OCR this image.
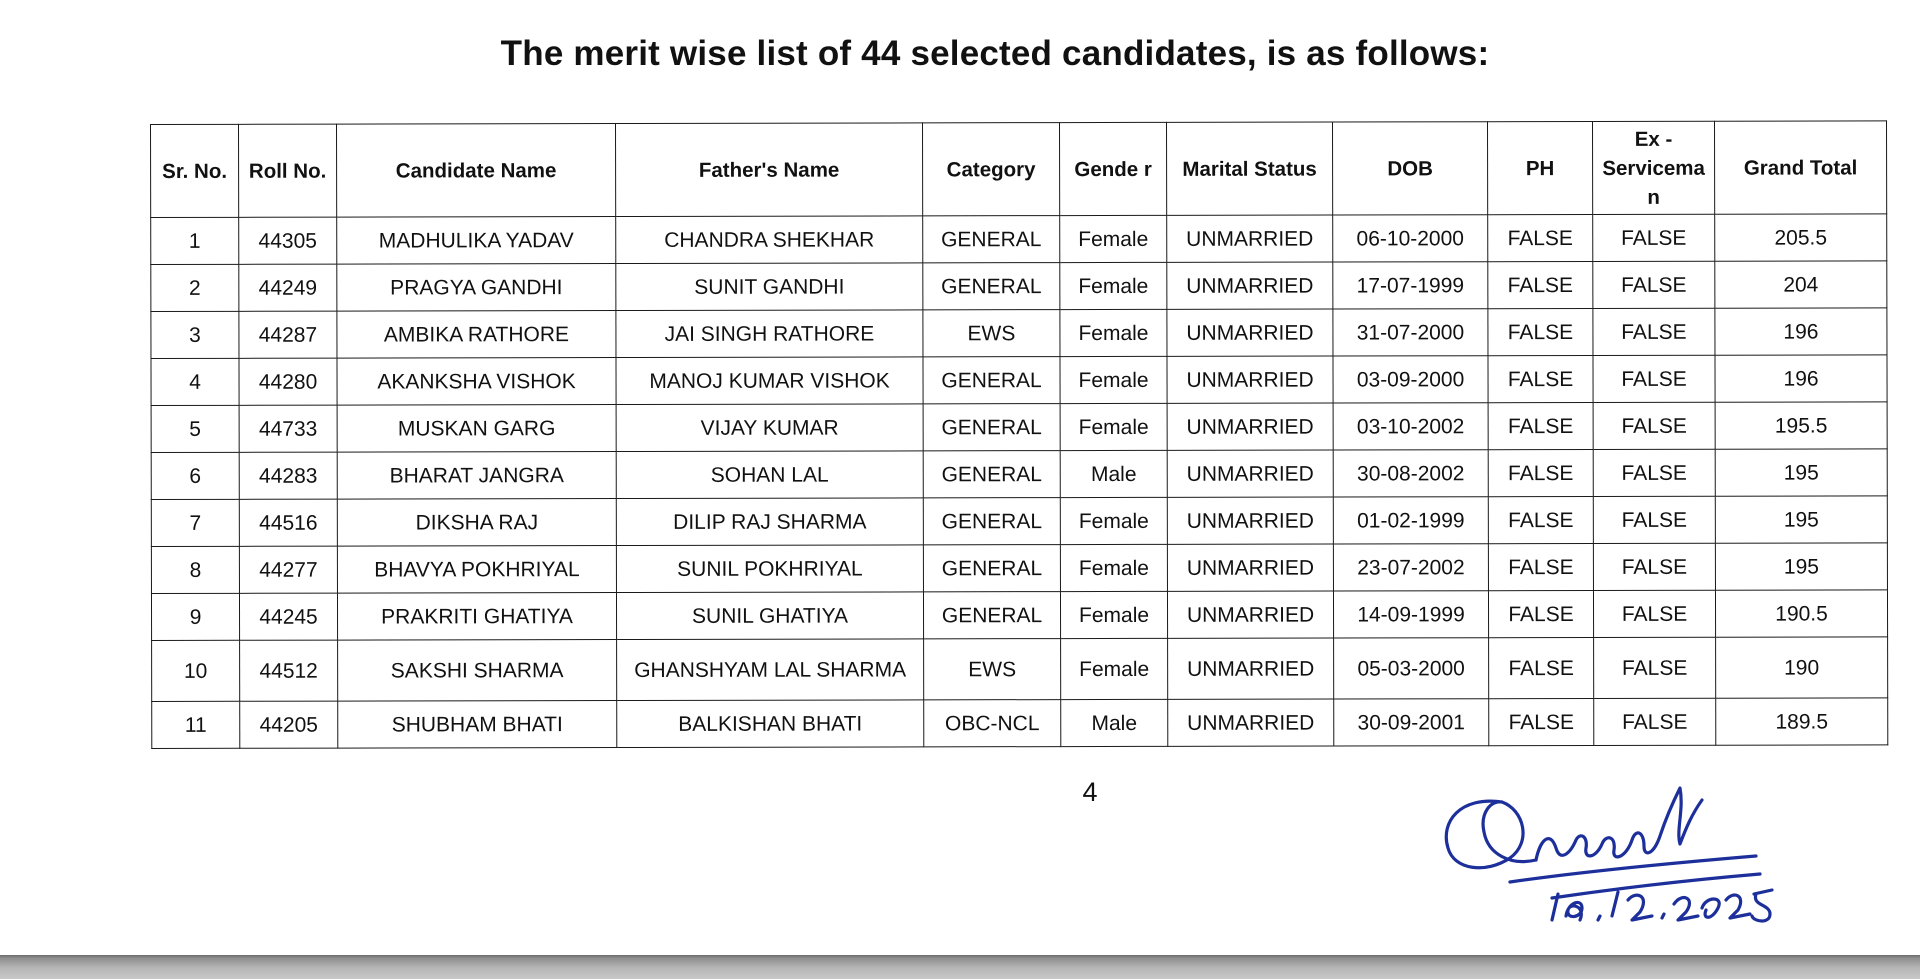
The merit wise list of 44 selected candidates, is as follows:
Sr. No.	Roll No.	Candidate Name	Father's Name	Category	Gende r	Marital Status	DOB	PH	Ex - Servicema n	Grand Total
1	44305	MADHULIKA YADAV	CHANDRA SHEKHAR	GENERAL	Female	UNMARRIED	06-10-2000	FALSE	FALSE	205.5
2	44249	PRAGYA GANDHI	SUNIT GANDHI	GENERAL	Female	UNMARRIED	17-07-1999	FALSE	FALSE	204
3	44287	AMBIKA RATHORE	JAI SINGH RATHORE	EWS	Female	UNMARRIED	31-07-2000	FALSE	FALSE	196
4	44280	AKANKSHA VISHOK	MANOJ KUMAR VISHOK	GENERAL	Female	UNMARRIED	03-09-2000	FALSE	FALSE	196
5	44733	MUSKAN GARG	VIJAY KUMAR	GENERAL	Female	UNMARRIED	03-10-2002	FALSE	FALSE	195.5
6	44283	BHARAT JANGRA	SOHAN LAL	GENERAL	Male	UNMARRIED	30-08-2002	FALSE	FALSE	195
7	44516	DIKSHA RAJ	DILIP RAJ SHARMA	GENERAL	Female	UNMARRIED	01-02-1999	FALSE	FALSE	195
8	44277	BHAVYA POKHRIYAL	SUNIL POKHRIYAL	GENERAL	Female	UNMARRIED	23-07-2002	FALSE	FALSE	195
9	44245	PRAKRITI GHATIYA	SUNIL GHATIYA	GENERAL	Female	UNMARRIED	14-09-1999	FALSE	FALSE	190.5
10	44512	SAKSHI SHARMA	GHANSHYAM LAL SHARMA	EWS	Female	UNMARRIED	05-03-2000	FALSE	FALSE	190
11	44205	SHUBHAM BHATI	BALKISHAN BHATI	OBC-NCL	Male	UNMARRIED	30-09-2001	FALSE	FALSE	189.5
4
